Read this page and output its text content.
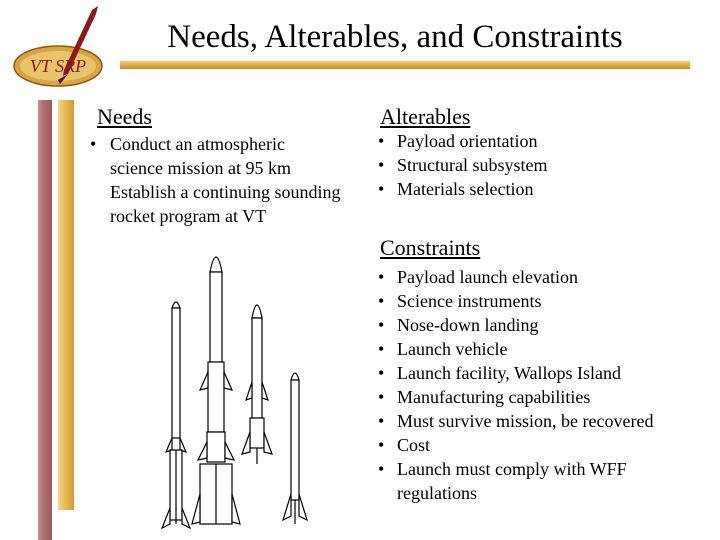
VT SRP
Needs, Alterables, and Constraints
Needs
• Conduct an atmospheric
science mission at 95 km
Establish a continuing sounding
rocket program at VT
Alterables
• Payload orientation
• Structural subsystem
• Materials selection
Constraints
• Payload launch elevation
• Science instruments
• Nose-down landing
• Launch vehicle
• Launch facility, Wallops Island
• Manufacturing capabilities
• Must survive mission, be recovered
• Cost
• Launch must comply with WFF
regulations
